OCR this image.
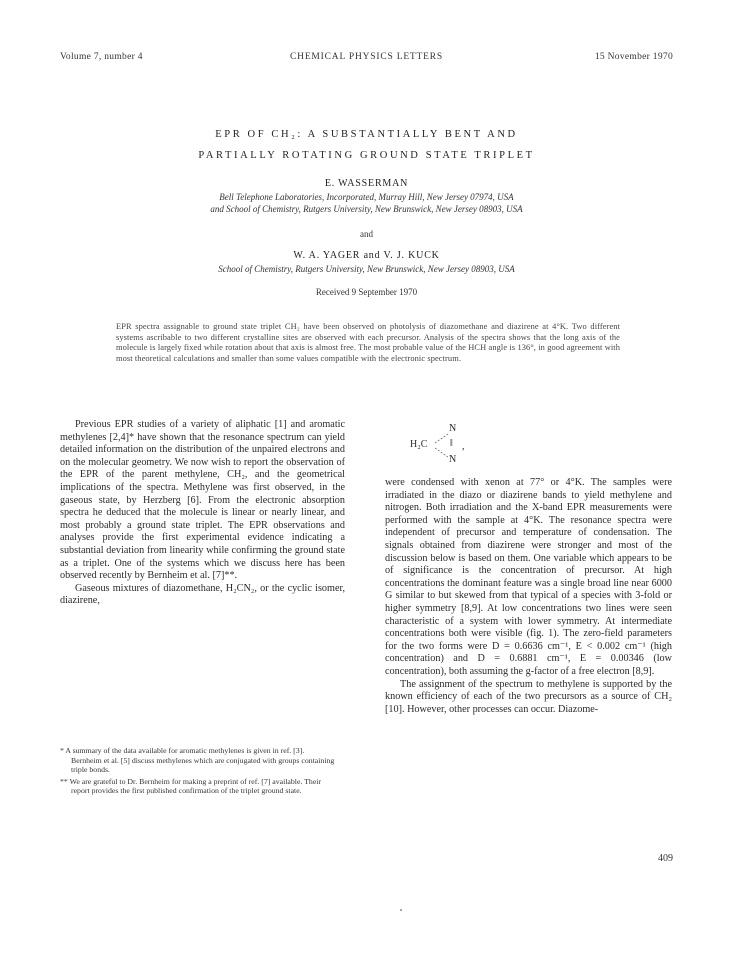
Volume 7, number 4	CHEMICAL PHYSICS LETTERS	15 November 1970
EPR OF CH₂: A SUBSTANTIALLY BENT AND
PARTIALLY ROTATING GROUND STATE TRIPLET
E. WASSERMAN
Bell Telephone Laboratories, Incorporated, Murray Hill, New Jersey 07974, USA
and School of Chemistry, Rutgers University, New Brunswick, New Jersey 08903, USA
and
W. A. YAGER and V. J. KUCK
School of Chemistry, Rutgers University, New Brunswick, New Jersey 08903, USA
Received 9 September 1970
EPR spectra assignable to ground state triplet CH₂ have been observed on photolysis of diazomethane and diazirene at 4°K. Two different systems ascribable to two different crystalline sites are observed with each precursor. Analysis of the spectra shows that the long axis of the molecule is largely fixed while rotation about that axis is almost free. The most probable value of the HCH angle is 136°, in good agreement with most theoretical calculations and smaller than some values compatible with the electronic spectrum.

Previous EPR studies of a variety of aliphatic [1] and aromatic methylenes [2,4]* have shown that the resonance spectrum can yield detailed information on the distribution of the unpaired electrons and on the molecular geometry. We now wish to report the observation of the EPR of the parent methylene, CH₂, and the geometrical implications of the spectra. Methylene was first observed, in the gaseous state, by Herzberg [6]. From the electronic absorption spectra he deduced that the molecule is linear or nearly linear, and most probably a ground state triplet. The EPR observations and analyses provide the first experimental evidence indicating a substantial deviation from linearity while confirming the ground state as a triplet. One of the systems which we discuss here has been observed recently by Bernheim et al. [7]**.

Gaseous mixtures of diazomethane, H₂CN₂, or the cyclic isomer, diazirene,

N
H₂C ‖ ,
N

were condensed with xenon at 77° or 4°K. The samples were irradiated in the diazo or diazirene bands to yield methylene and nitrogen. Both irradiation and the X-band EPR measurements were performed with the sample at 4°K. The resonance spectra were independent of precursor and temperature of condensation. The signals obtained from diazirene were stronger and most of the discussion below is based on them. One variable which appears to be of significance is the concentration of precursor. At high concentrations the dominant feature was a single broad line near 6000 G similar to but skewed from that typical of a species with 3-fold or higher symmetry [8,9]. At low concentrations two lines were seen characteristic of a system with lower symmetry. At intermediate concentrations both were visible (fig. 1). The zero-field parameters for the two forms were D = 0.6636 cm⁻¹, E < 0.002 cm⁻¹ (high concentration) and D = 0.6881 cm⁻¹, E = 0.00346 (low concentration), both assuming the g-factor of a free electron [8,9].

The assignment of the spectrum to methylene is supported by the known efficiency of each of the two precursors as a source of CH₂ [10]. However, other processes can occur. Diazome-

* A summary of the data available for aromatic methylenes is given in ref. [3]. Bernheim et al. [5] discuss methylenes which are conjugated with groups containing triple bonds.

** We are grateful to Dr. Bernheim for making a preprint of ref. [7] available. Their report provides the first published confirmation of the triplet ground state.

409
